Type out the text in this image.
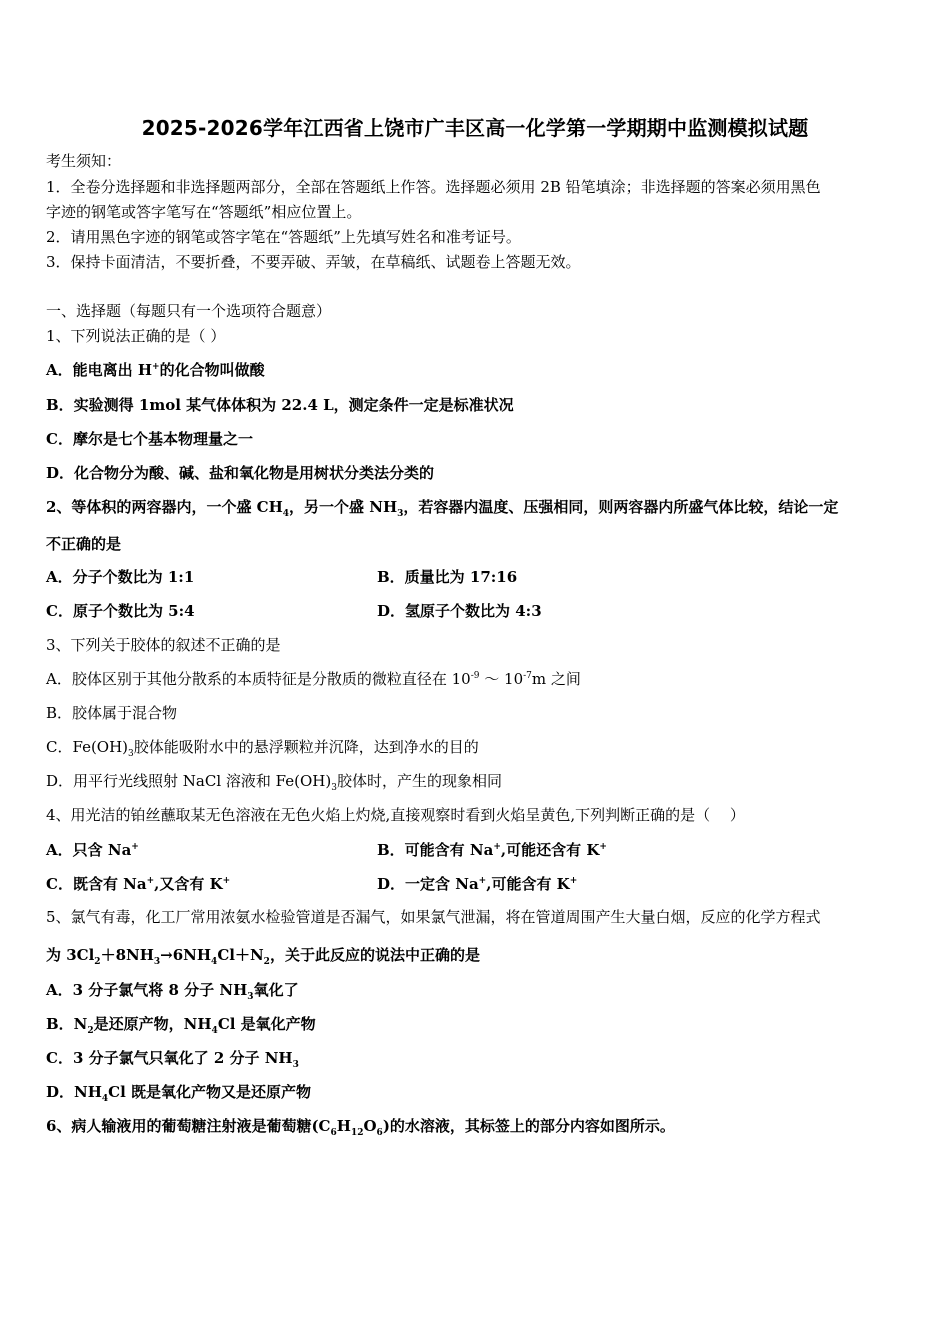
2025-2026学年江西省上饶市广丰区高一化学第一学期期中监测模拟试题
考生须知：
1．全卷分选择题和非选择题两部分，全部在答题纸上作答。选择题必须用 2B 铅笔填涂；非选择题的答案必须用黑色
字迹的钢笔或答字笔写在“答题纸”相应位置上。
2．请用黑色字迹的钢笔或答字笔在“答题纸”上先填写姓名和准考证号。
3．保持卡面清洁，不要折叠，不要弄破、弄皱，在草稿纸、试题卷上答题无效。
一、选择题（每题只有一个选项符合题意）
1、下列说法正确的是（ ）
A．能电离出 H+的化合物叫做酸
B．实验测得 1mol 某气体体积为 22.4 L，测定条件一定是标准状况
C．摩尔是七个基本物理量之一
D．化合物分为酸、碱、盐和氧化物是用树状分类法分类的
2、等体积的两容器内，一个盛 $CH_4$，另一个盛 $NH_3$，若容器内温度、压强相同，则两容器内所盛气体比较，结论一定
不正确的是
A．分子个数比为 1:1	B．质量比为 17:16
C．原子个数比为 5:4	D．氢原子个数比为 4:3
3、下列关于胶体的叙述不正确的是
A．胶体区别于其他分散系的本质特征是分散质的微粒直径在 $10^{-9}$ ～ $10^{-7}m$ 之间
B．胶体属于混合物
C．$Fe(OH)_3$胶体能吸附水中的悬浮颗粒并沉降，达到净水的目的
D．用平行光线照射 NaCl 溶液和 $Fe(OH)_3$胶体时，产生的现象相同
4、用光洁的铂丝蘸取某无色溶液在无色火焰上灼烧,直接观察时看到火焰呈黄色,下列判断正确的是（　 ）
A．只含 Na+	B．可能含有 Na+,可能还含有 K+
C．既含有 Na+,又含有 K+	D．一定含 Na+,可能含有 K+
5、氯气有毒，化工厂常用浓氨水检验管道是否漏气，如果氯气泄漏，将在管道周围产生大量白烟，反应的化学方程式
为 $3Cl_2+8NH_3\to 6NH_4Cl+N_2$，关于此反应的说法中正确的是
A．3 分子氯气将 8 分子 $NH_3$氧化了
B．$N_2$是还原产物，$NH_4Cl$ 是氧化产物
C．3 分子氯气只氧化了 2 分子 $NH_3$
D．$NH_4Cl$ 既是氧化产物又是还原产物
6、病人输液用的葡萄糖注射液是葡萄糖$(C_6H_{12}O_6)$的水溶液，其标签上的部分内容如图所示。
